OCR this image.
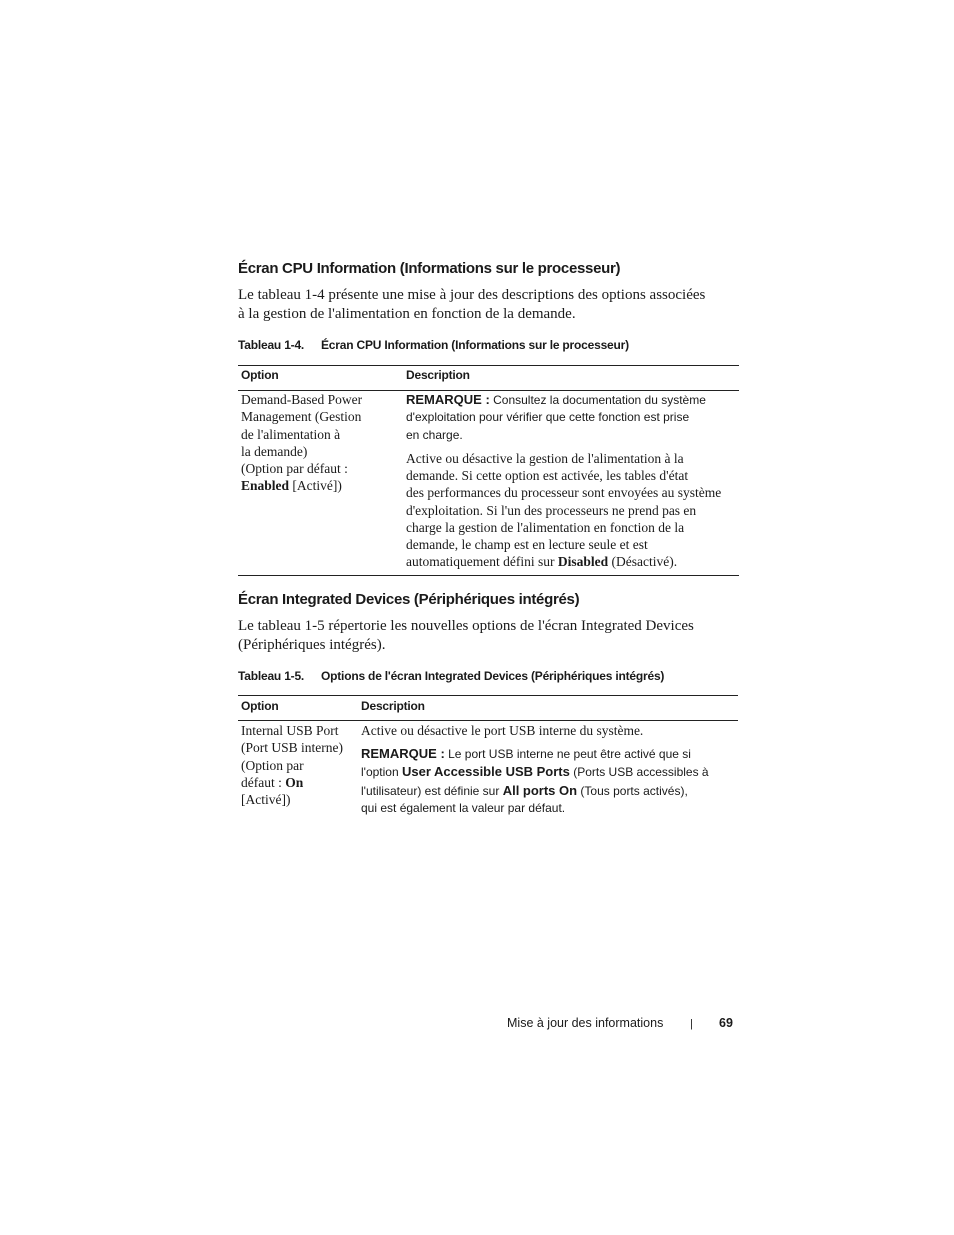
Écran CPU Information (Informations sur le processeur)
Le tableau 1-4 présente une mise à jour des descriptions des options associées
à la gestion de l'alimentation en fonction de la demande.
Tableau 1-4. Écran CPU Information (Informations sur le processeur)
Option	Description
Demand-Based Power
Management (Gestion
de l'alimentation à
la demande)
(Option par défaut :
Enabled [Activé])
REMARQUE : Consultez la documentation du système
d'exploitation pour vérifier que cette fonction est prise
en charge.
Active ou désactive la gestion de l'alimentation à la
demande. Si cette option est activée, les tables d'état
des performances du processeur sont envoyées au système
d'exploitation. Si l'un des processeurs ne prend pas en
charge la gestion de l'alimentation en fonction de la
demande, le champ est en lecture seule et est
automatiquement défini sur Disabled (Désactivé).
Écran Integrated Devices (Périphériques intégrés)
Le tableau 1-5 répertorie les nouvelles options de l'écran Integrated Devices
(Périphériques intégrés).
Tableau 1-5. Options de l'écran Integrated Devices (Périphériques intégrés)
Option	Description
Internal USB Port
(Port USB interne)
(Option par
défaut : On
[Activé])
Active ou désactive le port USB interne du système.
REMARQUE : Le port USB interne ne peut être activé que si
l'option User Accessible USB Ports (Ports USB accessibles à
l'utilisateur) est définie sur All ports On (Tous ports activés),
qui est également la valeur par défaut.
Mise à jour des informations | 69
